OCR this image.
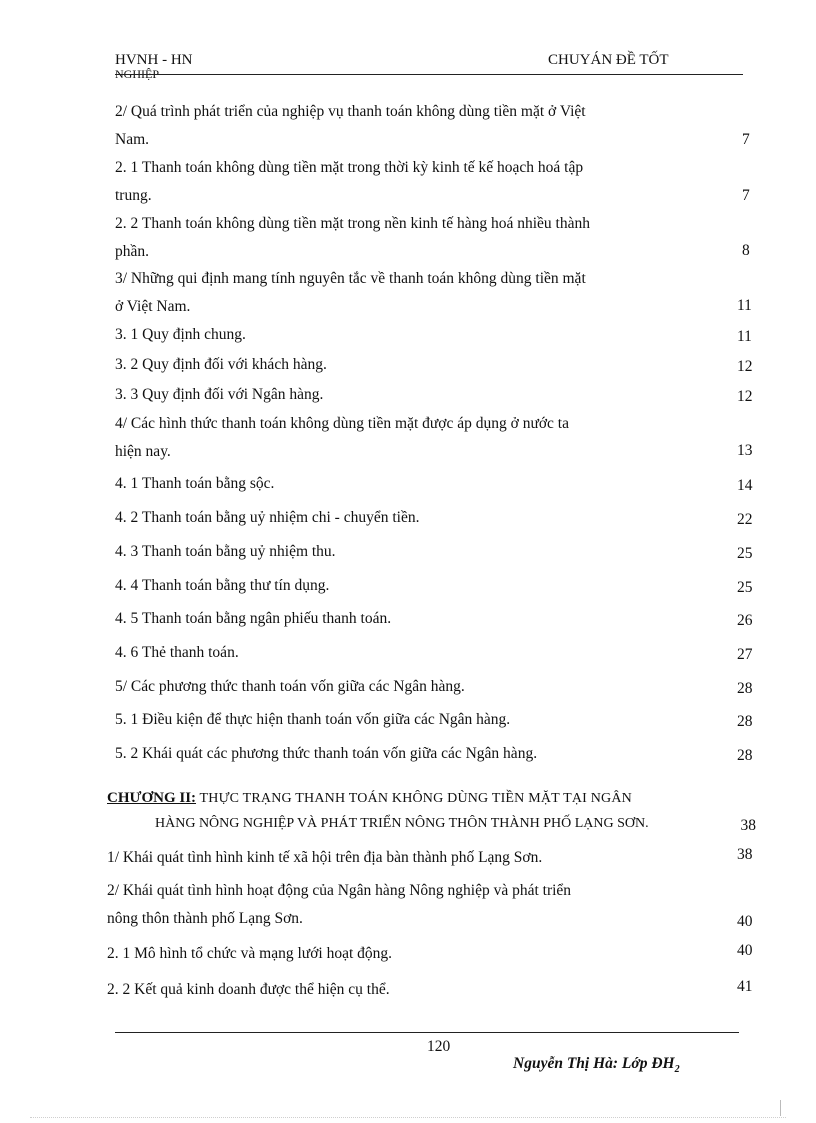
HVNH - HN
NGHIỆP
CHUYÁN ĐỀ TỐT
2/ Quá trình phát triển của nghiệp vụ thanh toán không dùng tiền mặt ở Việt
Nam.	7
2. 1 Thanh toán không dùng tiền mặt trong thời kỳ kinh tế kế hoạch hoá tập
trung.	7
2. 2 Thanh toán không dùng tiền mặt trong nền kinh tế hàng hoá nhiều thành
phần.	8
3/ Những qui định mang tính nguyên tắc về thanh toán không dùng tiền mặt
ở Việt Nam.	11
3. 1 Quy định chung.	11
3. 2 Quy định đối với khách hàng.	12
3. 3 Quy định đối với Ngân hàng.	12
4/ Các hình thức thanh toán không dùng tiền mặt được áp dụng ở nước ta
hiện nay.	13
4. 1 Thanh toán bằng sộc.	14
4. 2 Thanh toán bằng uỷ nhiệm chi - chuyển tiền.	22
4. 3 Thanh toán bằng uỷ nhiệm thu.	25
4. 4 Thanh toán bằng thư tín dụng.	25
4. 5 Thanh toán bằng ngân phiếu thanh toán.	26
4. 6 Thẻ thanh toán.	27
5/ Các phương thức thanh toán vốn giữa các Ngân hàng.	28
5. 1 Điều kiện để thực hiện thanh toán vốn giữa các Ngân hàng.	28
5. 2 Khái quát các phương thức thanh toán vốn giữa các Ngân hàng.	28
CHƯƠNG II: THỰC TRẠNG THANH TOÁN KHÔNG DÙNG TIỀN MẶT TẠI NGÂN
HÀNG NÔNG NGHIỆP VÀ PHÁT TRIỂN NÔNG THÔN THÀNH PHỐ LẠNG SƠN.	38
1/ Khái quát tình hình kinh tế xã hội trên địa bàn thành phố Lạng Sơn.	38
2/ Khái quát tình hình hoạt động của Ngân hàng Nông nghiệp và phát triển
nông thôn thành phố Lạng Sơn.	40
2. 1 Mô hình tổ chức và mạng lưới hoạt động.	40
2. 2 Kết quả kinh doanh được thể hiện cụ thể.	41
120
Nguyễn Thị Hà: Lớp $ĐH_2$
